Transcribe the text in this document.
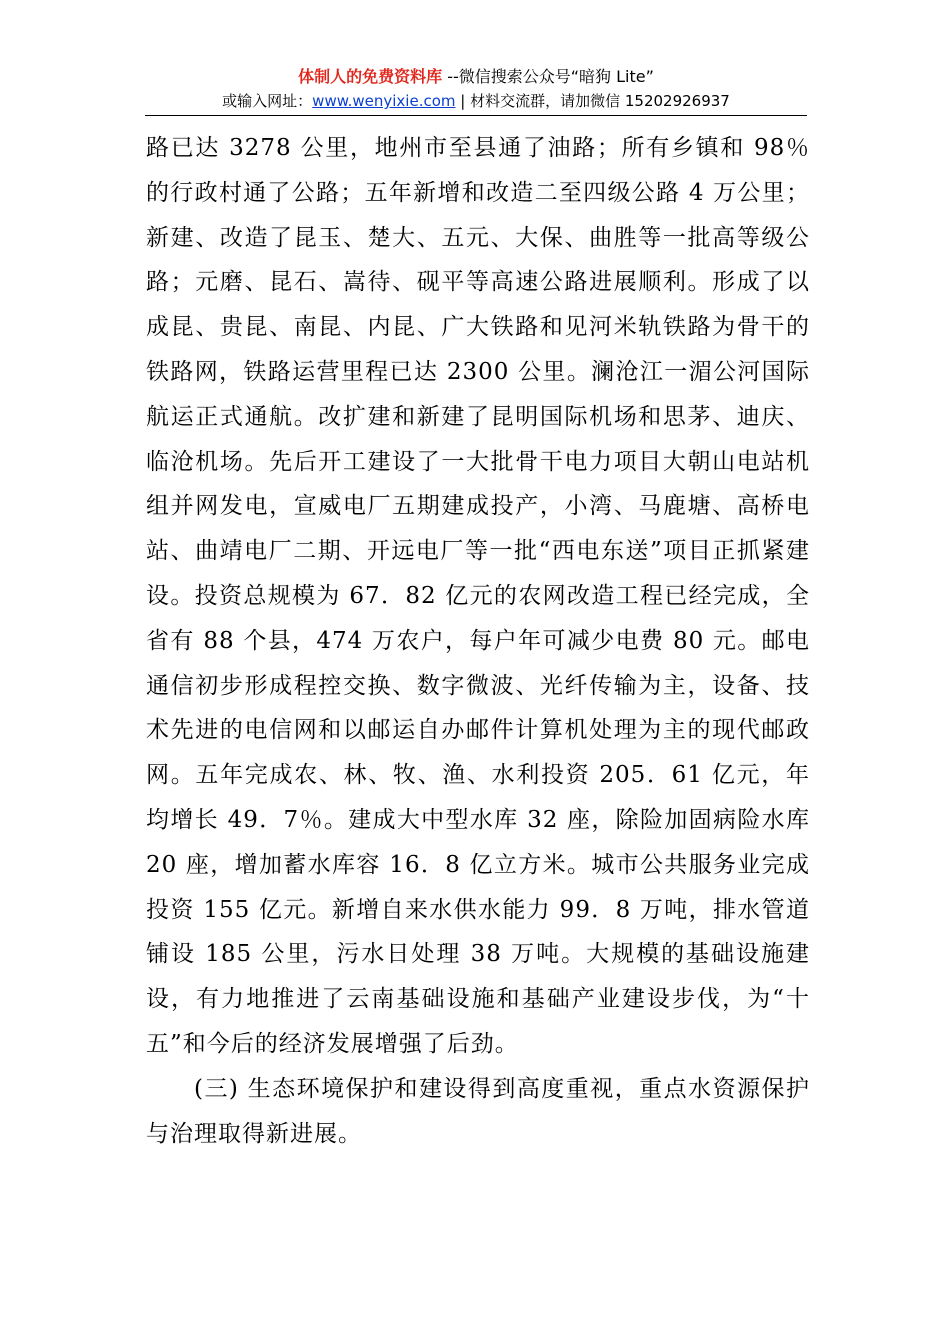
体制人的免费资料库 --微信搜索公众号“暗狗 Lite”
或输入网址：www.wenyixie.com | 材料交流群，请加微信 15202926937

路已达 3278 公里，地州市至县通了油路；所有乡镇和 98％的行政村通了公路；五年新增和改造二至四级公路 4 万公里；新建、改造了昆玉、楚大、五元、大保、曲胜等一批高等级公路；元磨、昆石、嵩待、砚平等高速公路进展顺利。形成了以成昆、贵昆、南昆、内昆、广大铁路和见河米轨铁路为骨干的铁路网，铁路运营里程已达 2300 公里。澜沧江一湄公河国际航运正式通航。改扩建和新建了昆明国际机场和思茅、迪庆、临沧机场。先后开工建设了一大批骨干电力项目大朝山电站机组并网发电，宣威电厂五期建成投产，小湾、马鹿塘、高桥电站、曲靖电厂二期、开远电厂等一批“西电东送”项目正抓紧建设。投资总规模为 67．82 亿元的农网改造工程已经完成，全省有 88 个县，474 万农户，每户年可减少电费 80 元。邮电通信初步形成程控交换、数字微波、光纤传输为主，设备、技术先进的电信网和以邮运自办邮件计算机处理为主的现代邮政网。五年完成农、林、牧、渔、水利投资 205．61 亿元，年均增长 49．7％。建成大中型水库 32 座，除险加固病险水库 20 座，增加蓄水库容 16．8 亿立方米。城市公共服务业完成投资 155 亿元。新增自来水供水能力 99．8 万吨，排水管道铺设 185 公里，污水日处理 38 万吨。大规模的基础设施建设，有力地推进了云南基础设施和基础产业建设步伐，为“十五”和今后的经济发展增强了后劲。

(三) 生态环境保护和建设得到高度重视，重点水资源保护与治理取得新进展。
